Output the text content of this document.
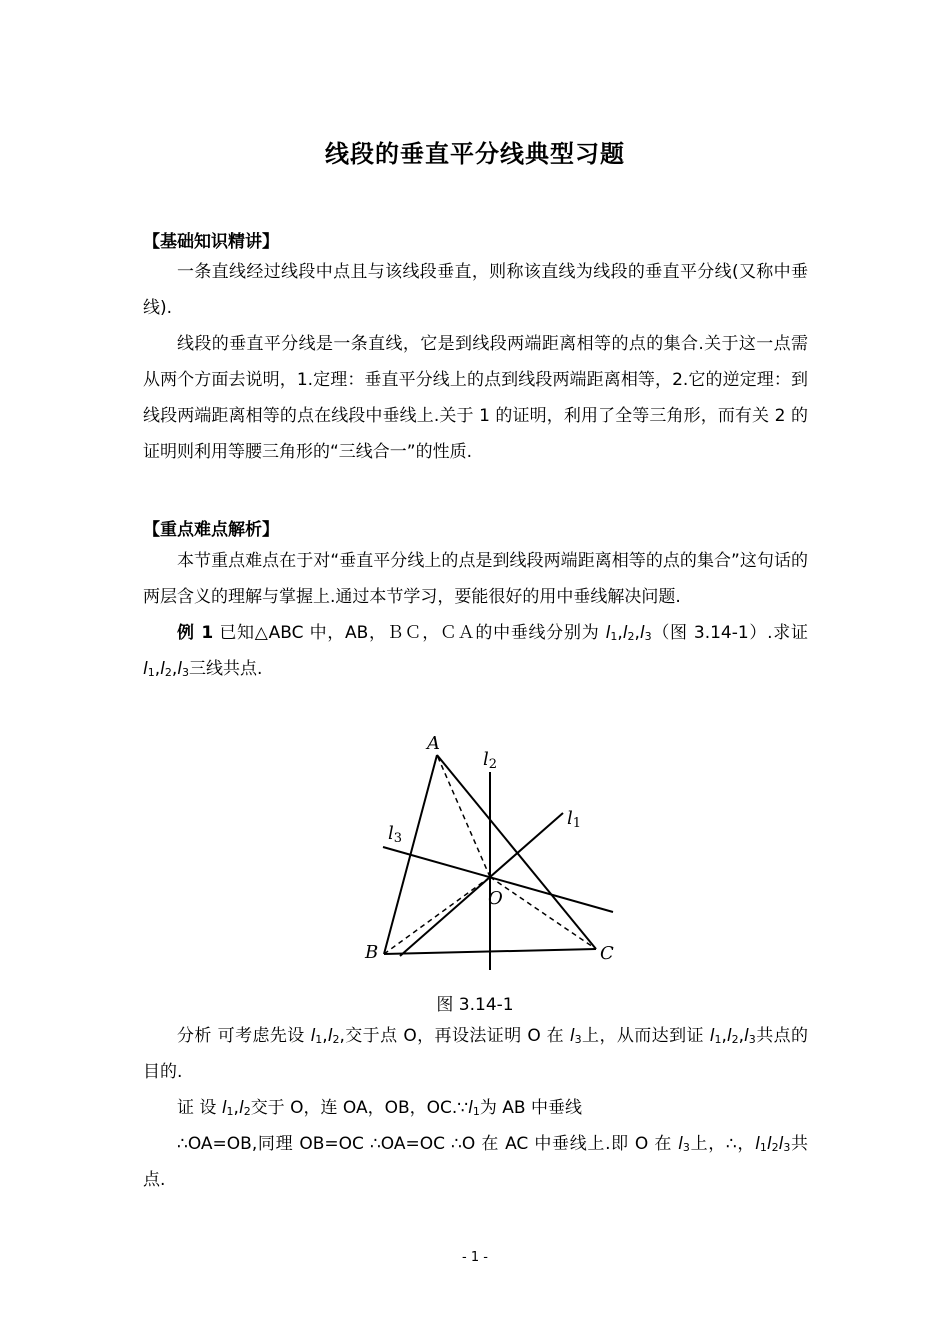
线段的垂直平分线典型习题
【基础知识精讲】

一条直线经过线段中点且与该线段垂直，则称该直线为线段的垂直平分线(又称中垂线).

线段的垂直平分线是一条直线，它是到线段两端距离相等的点的集合.关于这一点需从两个方面去说明，1.定理：垂直平分线上的点到线段两端距离相等，2.它的逆定理：到线段两端距离相等的点在线段中垂线上.关于 1 的证明，利用了全等三角形，而有关 2 的证明则利用等腰三角形的“三线合一”的性质.

【重点难点解析】

本节重点难点在于对“垂直平分线上的点是到线段两端距离相等的点的集合”这句话的两层含义的理解与掌握上.通过本节学习，要能很好的用中垂线解决问题.

例 1 已知△ABC 中，AB，ＢＣ，ＣＡ的中垂线分别为 $l_1,l_2,l_3$（图 3.14-1）.求证 $l_1,l_2,l_3$三线共点.

A
B	C
O
l2
l1
l3
图 3.14-1

分析 可考虑先设 $l_1,l_2$,交于点 O，再设法证明 O 在 $l_3$上，从而达到证 $l_1,l_2,l_3$共点的目的.

证 设 $l_1,l_2$交于 O，连 OA，OB，$OC.\because l_1$为 AB 中垂线

∴OA=OB,同理 OB=OC ∴OA=OC ∴O 在 AC 中垂线上.即 O 在 $l_3$上，∴，$l_1l_2l_3$共点.

- 1 -
